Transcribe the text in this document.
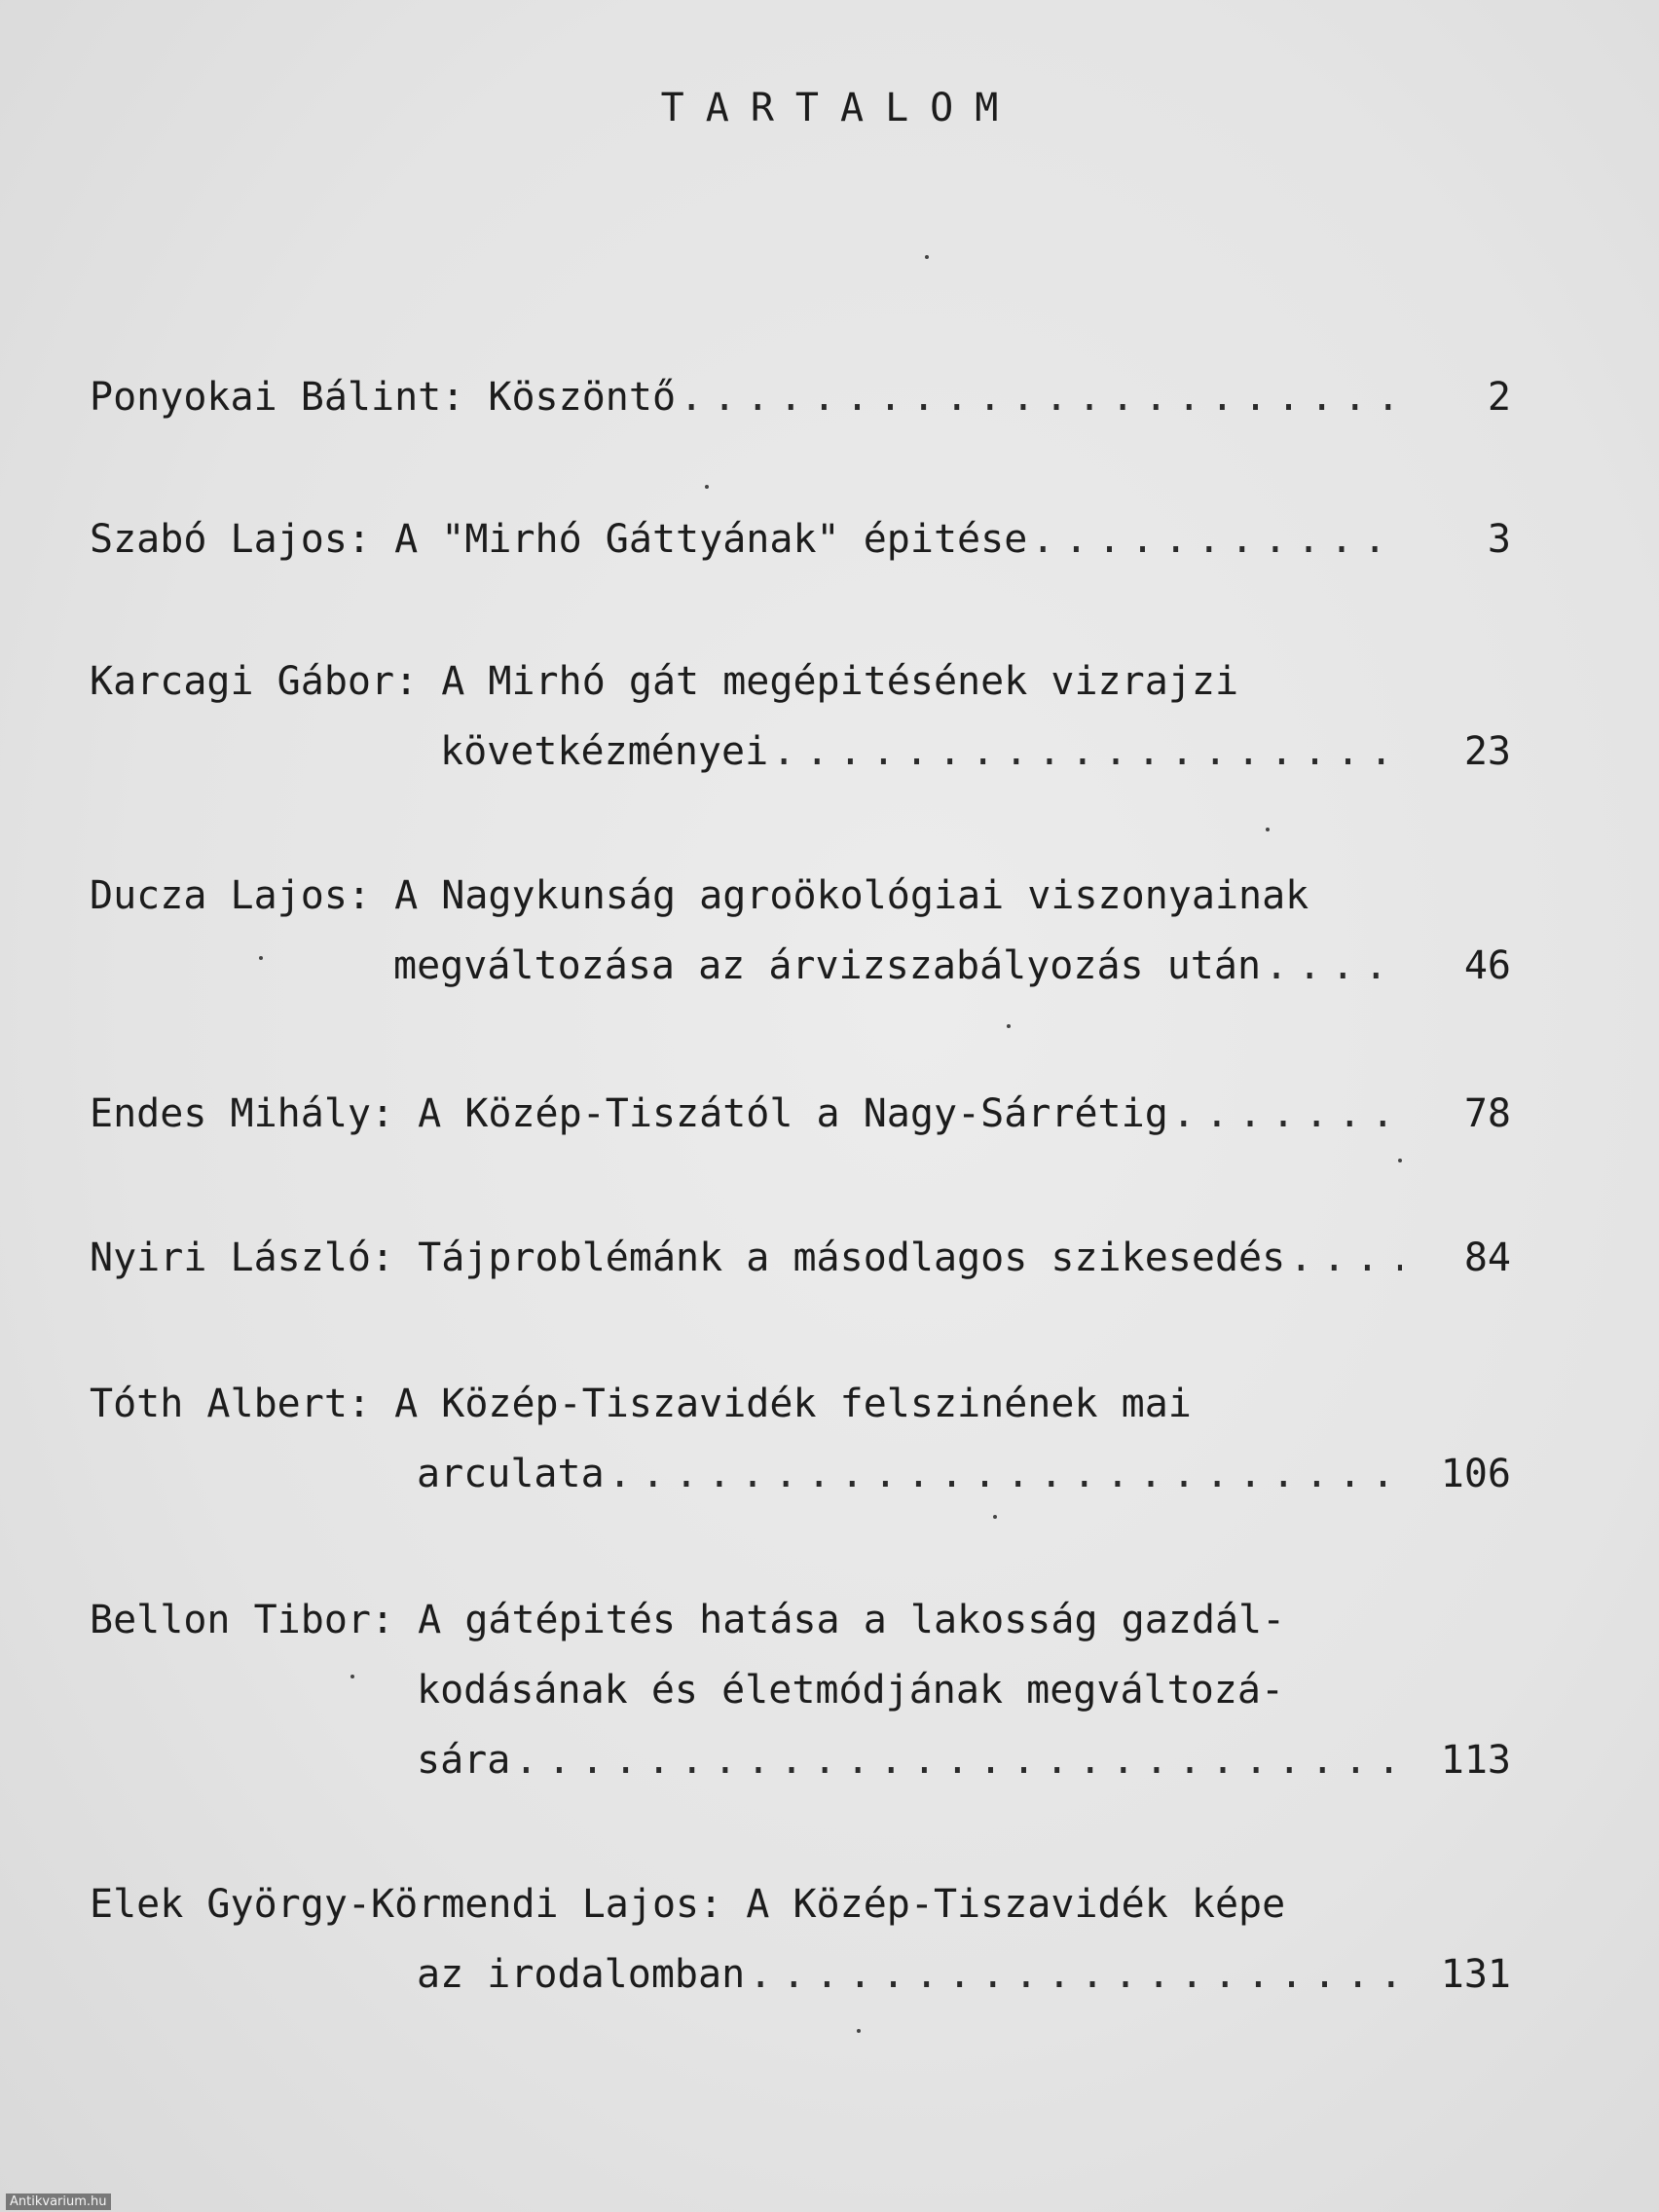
TARTALOM
Ponyokai Bálint: Köszöntő .....	2
Szabó Lajos: A "Mirhó Gáttyának" épitése .....	3
Karcagi Gábor: A Mirhó gát megépitésének vizrajzi
követkézményei .....	23
Ducza Lajos: A Nagykunság agroökológiai viszonyainak
megváltozása az árvizszabályozás után .....	46
Endes Mihály: A Közép-Tiszától a Nagy-Sárrétig .....	78
Nyiri László: Tájproblémánk a másodlagos szikesedés .....	84
Tóth Albert: A Közép-Tiszavidék felszinének mai
arculata .....	106
Bellon Tibor: A gátépités hatása a lakosság gazdál-
kodásának és életmódjának megváltozá-
sára .....	113
Elek György-Körmendi Lajos: A Közép-Tiszavidék képe
az irodalomban .....	131
Antikvarium.hu
